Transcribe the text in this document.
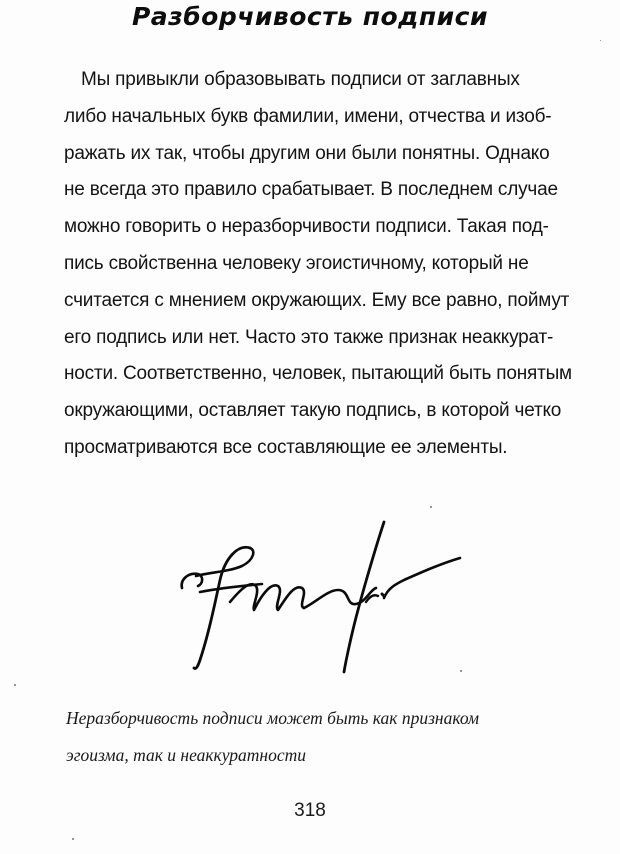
Разборчивость подписи
Мы привыкли образовывать подписи от заглавных
либо начальных букв фамилии, имени, отчества и изоб-
ражать их так, чтобы другим они были понятны. Однако
не всегда это правило срабатывает. В последнем случае
можно говорить о неразборчивости подписи. Такая под-
пись свойственна человеку эгоистичному, который не
считается с мнением окружающих. Ему все равно, поймут
его подпись или нет. Часто это также признак неаккурат-
ности. Соответственно, человек, пытающий быть понятым
окружающими, оставляет такую подпись, в которой четко
просматриваются все составляющие ее элементы.
Неразборчивость подписи может быть как признаком
эгоизма, так и неаккуратности
318
